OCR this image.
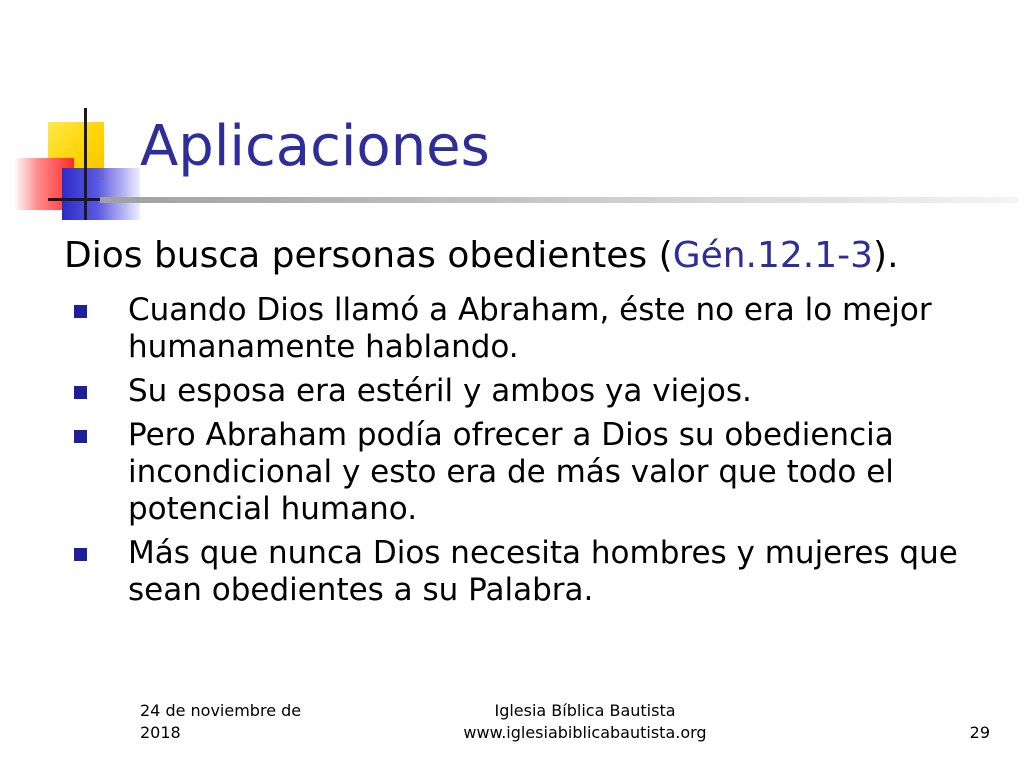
Aplicaciones
Dios busca personas obedientes (Gén.12.1-3).
Cuando Dios llamó a Abraham, éste no era lo mejor humanamente hablando.
Su esposa era estéril y ambos ya viejos.
Pero Abraham podía ofrecer a Dios su obediencia incondicional y esto era de más valor que todo el potencial humano.
Más que nunca Dios necesita hombres y mujeres que sean obedientes a su Palabra.
24 de noviembre de
2018
Iglesia Bíblica Bautista
www.iglesiabiblicabautista.org	29
